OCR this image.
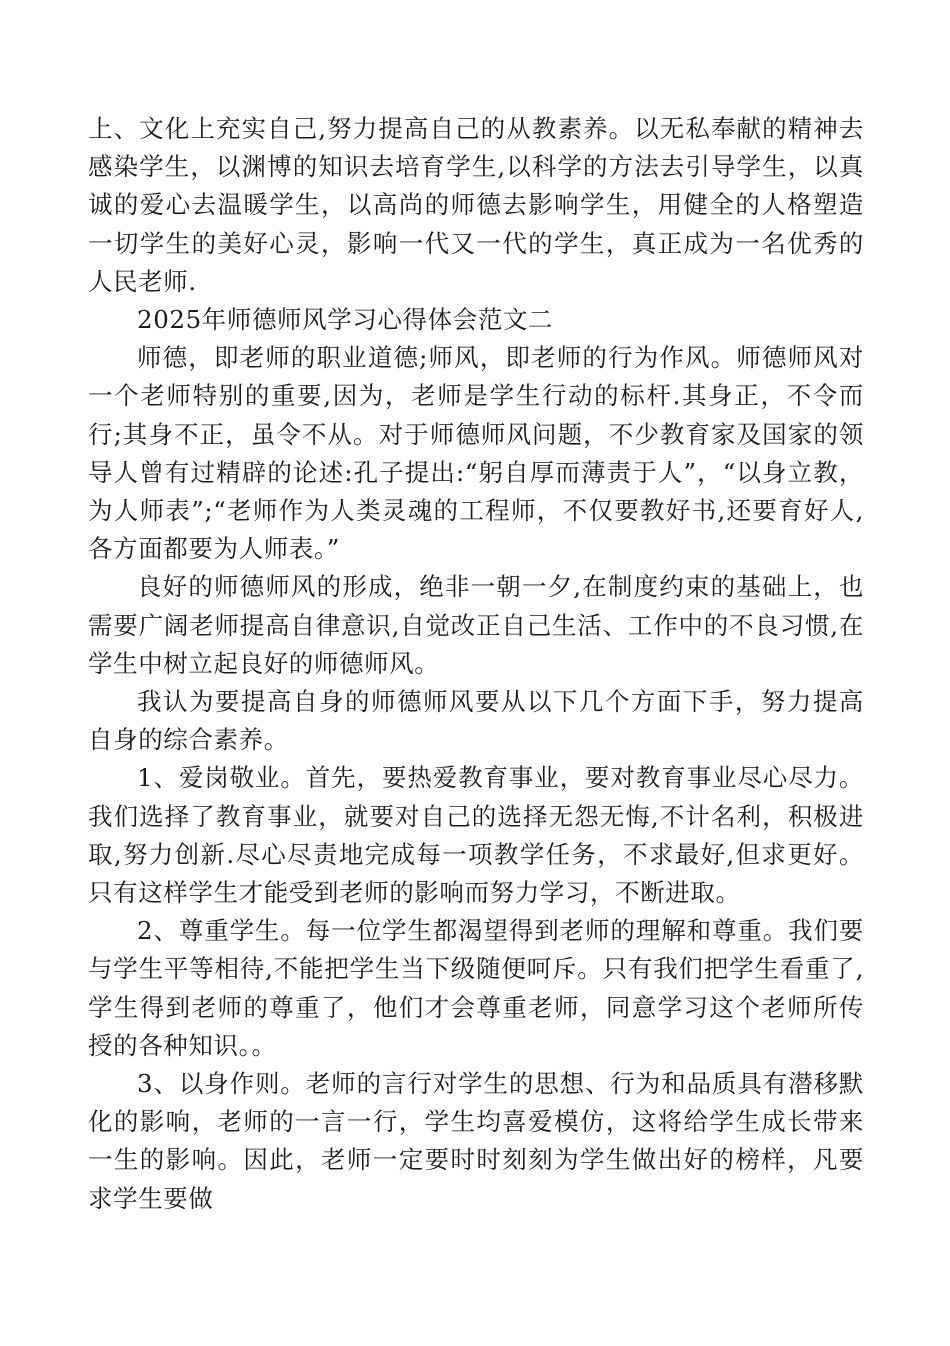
上、文化上充实自己,努力提高自己的从教素养。以无私奉献的精神去感染学生，以渊博的知识去培育学生,以科学的方法去引导学生，以真诚的爱心去温暖学生，以高尚的师德去影响学生，用健全的人格塑造一切学生的美好心灵，影响一代又一代的学生，真正成为一名优秀的人民老师.

2025年师德师风学习心得体会范文二

师德，即老师的职业道德;师风，即老师的行为作风。师德师风对一个老师特别的重要,因为，老师是学生行动的标杆.其身正，不令而行;其身不正，虽令不从。对于师德师风问题，不少教育家及国家的领导人曾有过精辟的论述:孔子提出:“躬自厚而薄责于人”，“以身立教，为人师表”;“老师作为人类灵魂的工程师，不仅要教好书,还要育好人,各方面都要为人师表。”

良好的师德师风的形成，绝非一朝一夕,在制度约束的基础上，也需要广阔老师提高自律意识,自觉改正自己生活、工作中的不良习惯,在学生中树立起良好的师德师风。

我认为要提高自身的师德师风要从以下几个方面下手，努力提高自身的综合素养。

1、爱岗敬业。首先，要热爱教育事业，要对教育事业尽心尽力。我们选择了教育事业，就要对自己的选择无怨无悔,不计名利，积极进取,努力创新.尽心尽责地完成每一项教学任务，不求最好,但求更好。只有这样学生才能受到老师的影响而努力学习，不断进取。

2、尊重学生。每一位学生都渴望得到老师的理解和尊重。我们要与学生平等相待,不能把学生当下级随便呵斥。只有我们把学生看重了,学生得到老师的尊重了，他们才会尊重老师，同意学习这个老师所传授的各种知识。。

3、以身作则。老师的言行对学生的思想、行为和品质具有潜移默化的影响，老师的一言一行，学生均喜爱模仿，这将给学生成长带来一生的影响。因此，老师一定要时时刻刻为学生做出好的榜样，凡要求学生要做
